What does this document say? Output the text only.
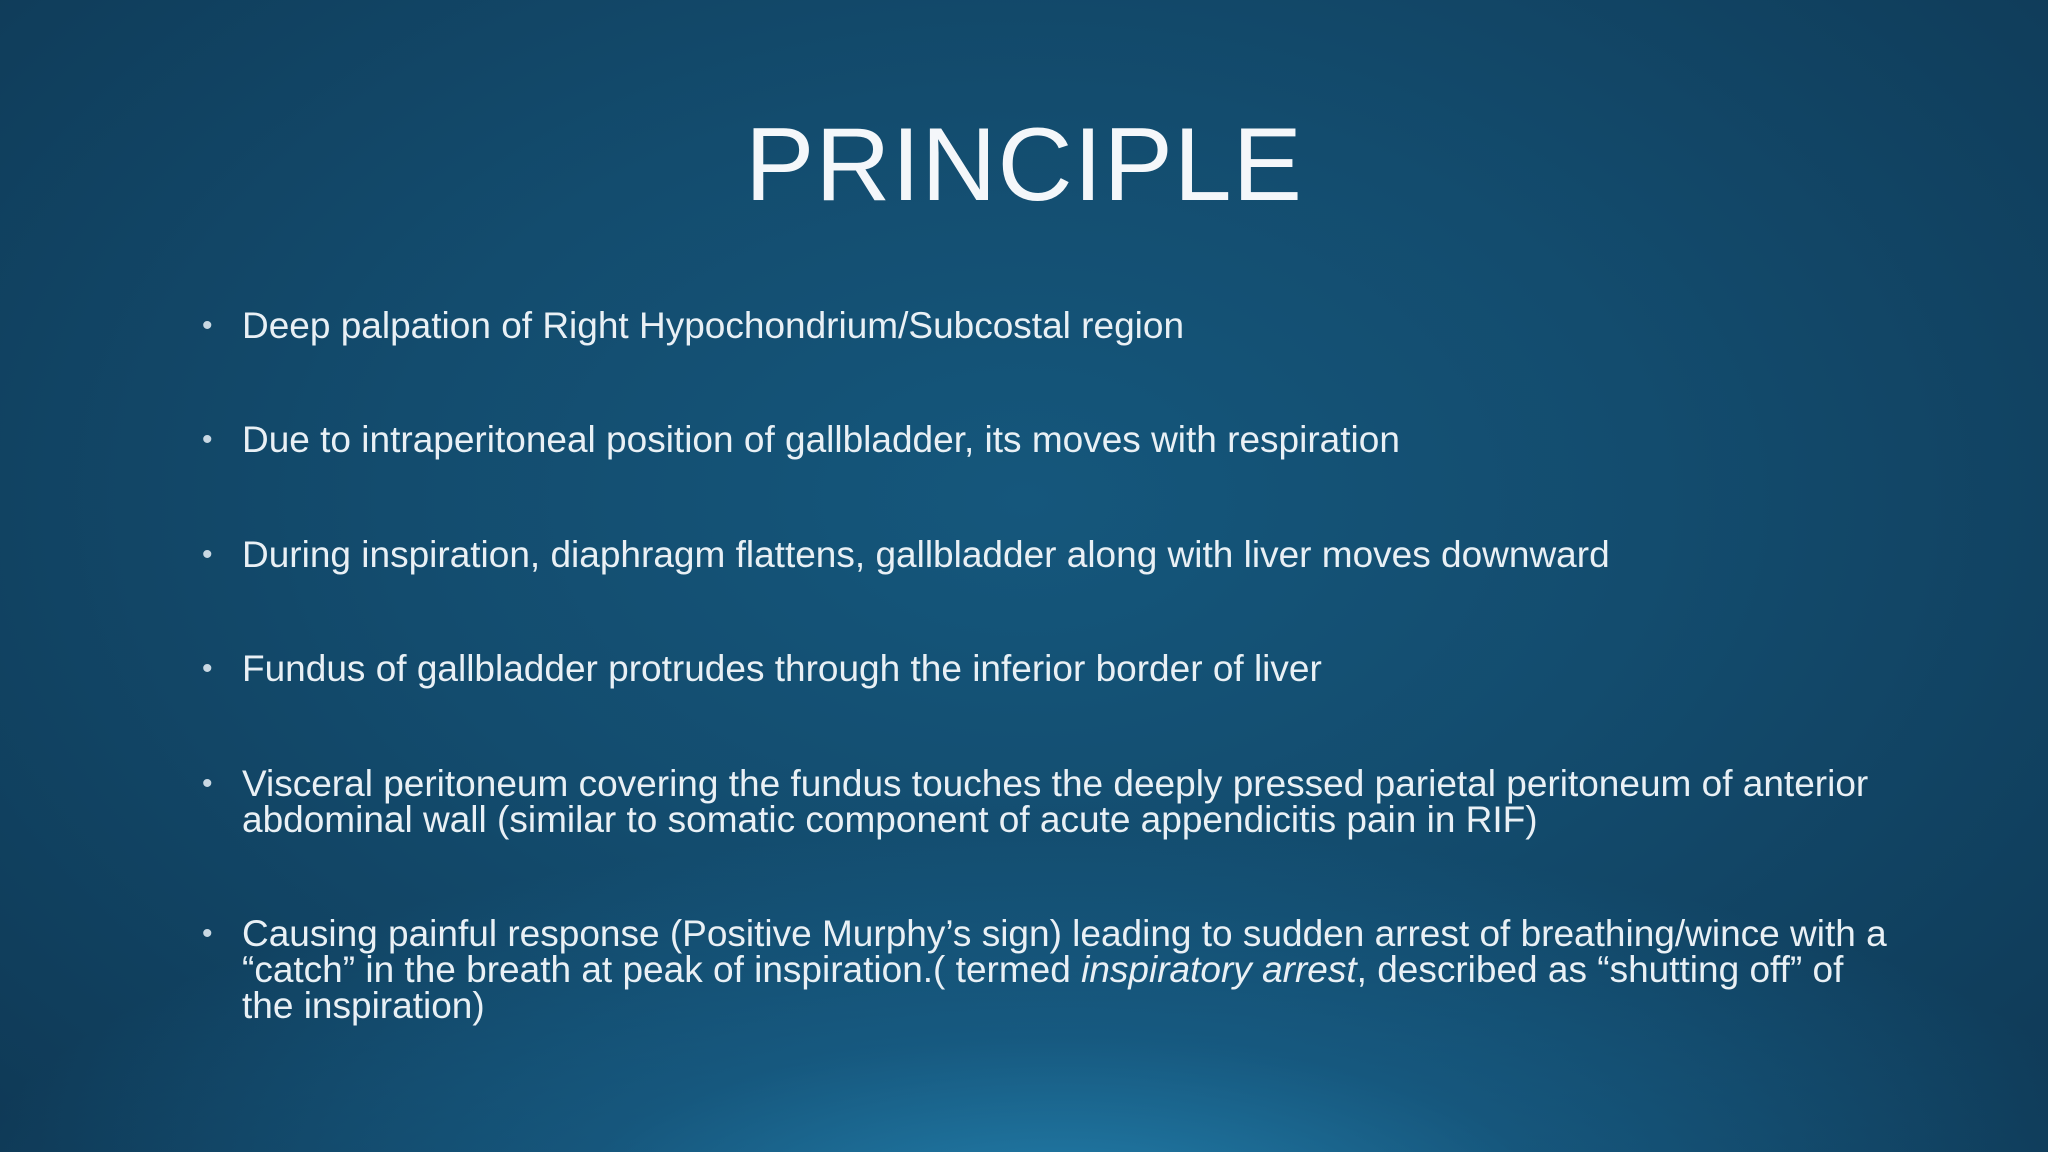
PRINCIPLE
• Deep palpation of Right Hypochondrium/Subcostal region
• Due to intraperitoneal position of gallbladder, its moves with respiration
• During inspiration, diaphragm flattens, gallbladder along with liver moves downward
• Fundus of gallbladder protrudes through the inferior border of liver
• Visceral peritoneum covering the fundus touches the deeply pressed parietal peritoneum of anterior abdominal wall (similar to somatic component of acute appendicitis pain in RIF)
• Causing painful response (Positive Murphy’s sign) leading to sudden arrest of breathing/wince with a “catch” in the breath at peak of inspiration.( termed inspiratory arrest, described as “shutting off” of the inspiration)
